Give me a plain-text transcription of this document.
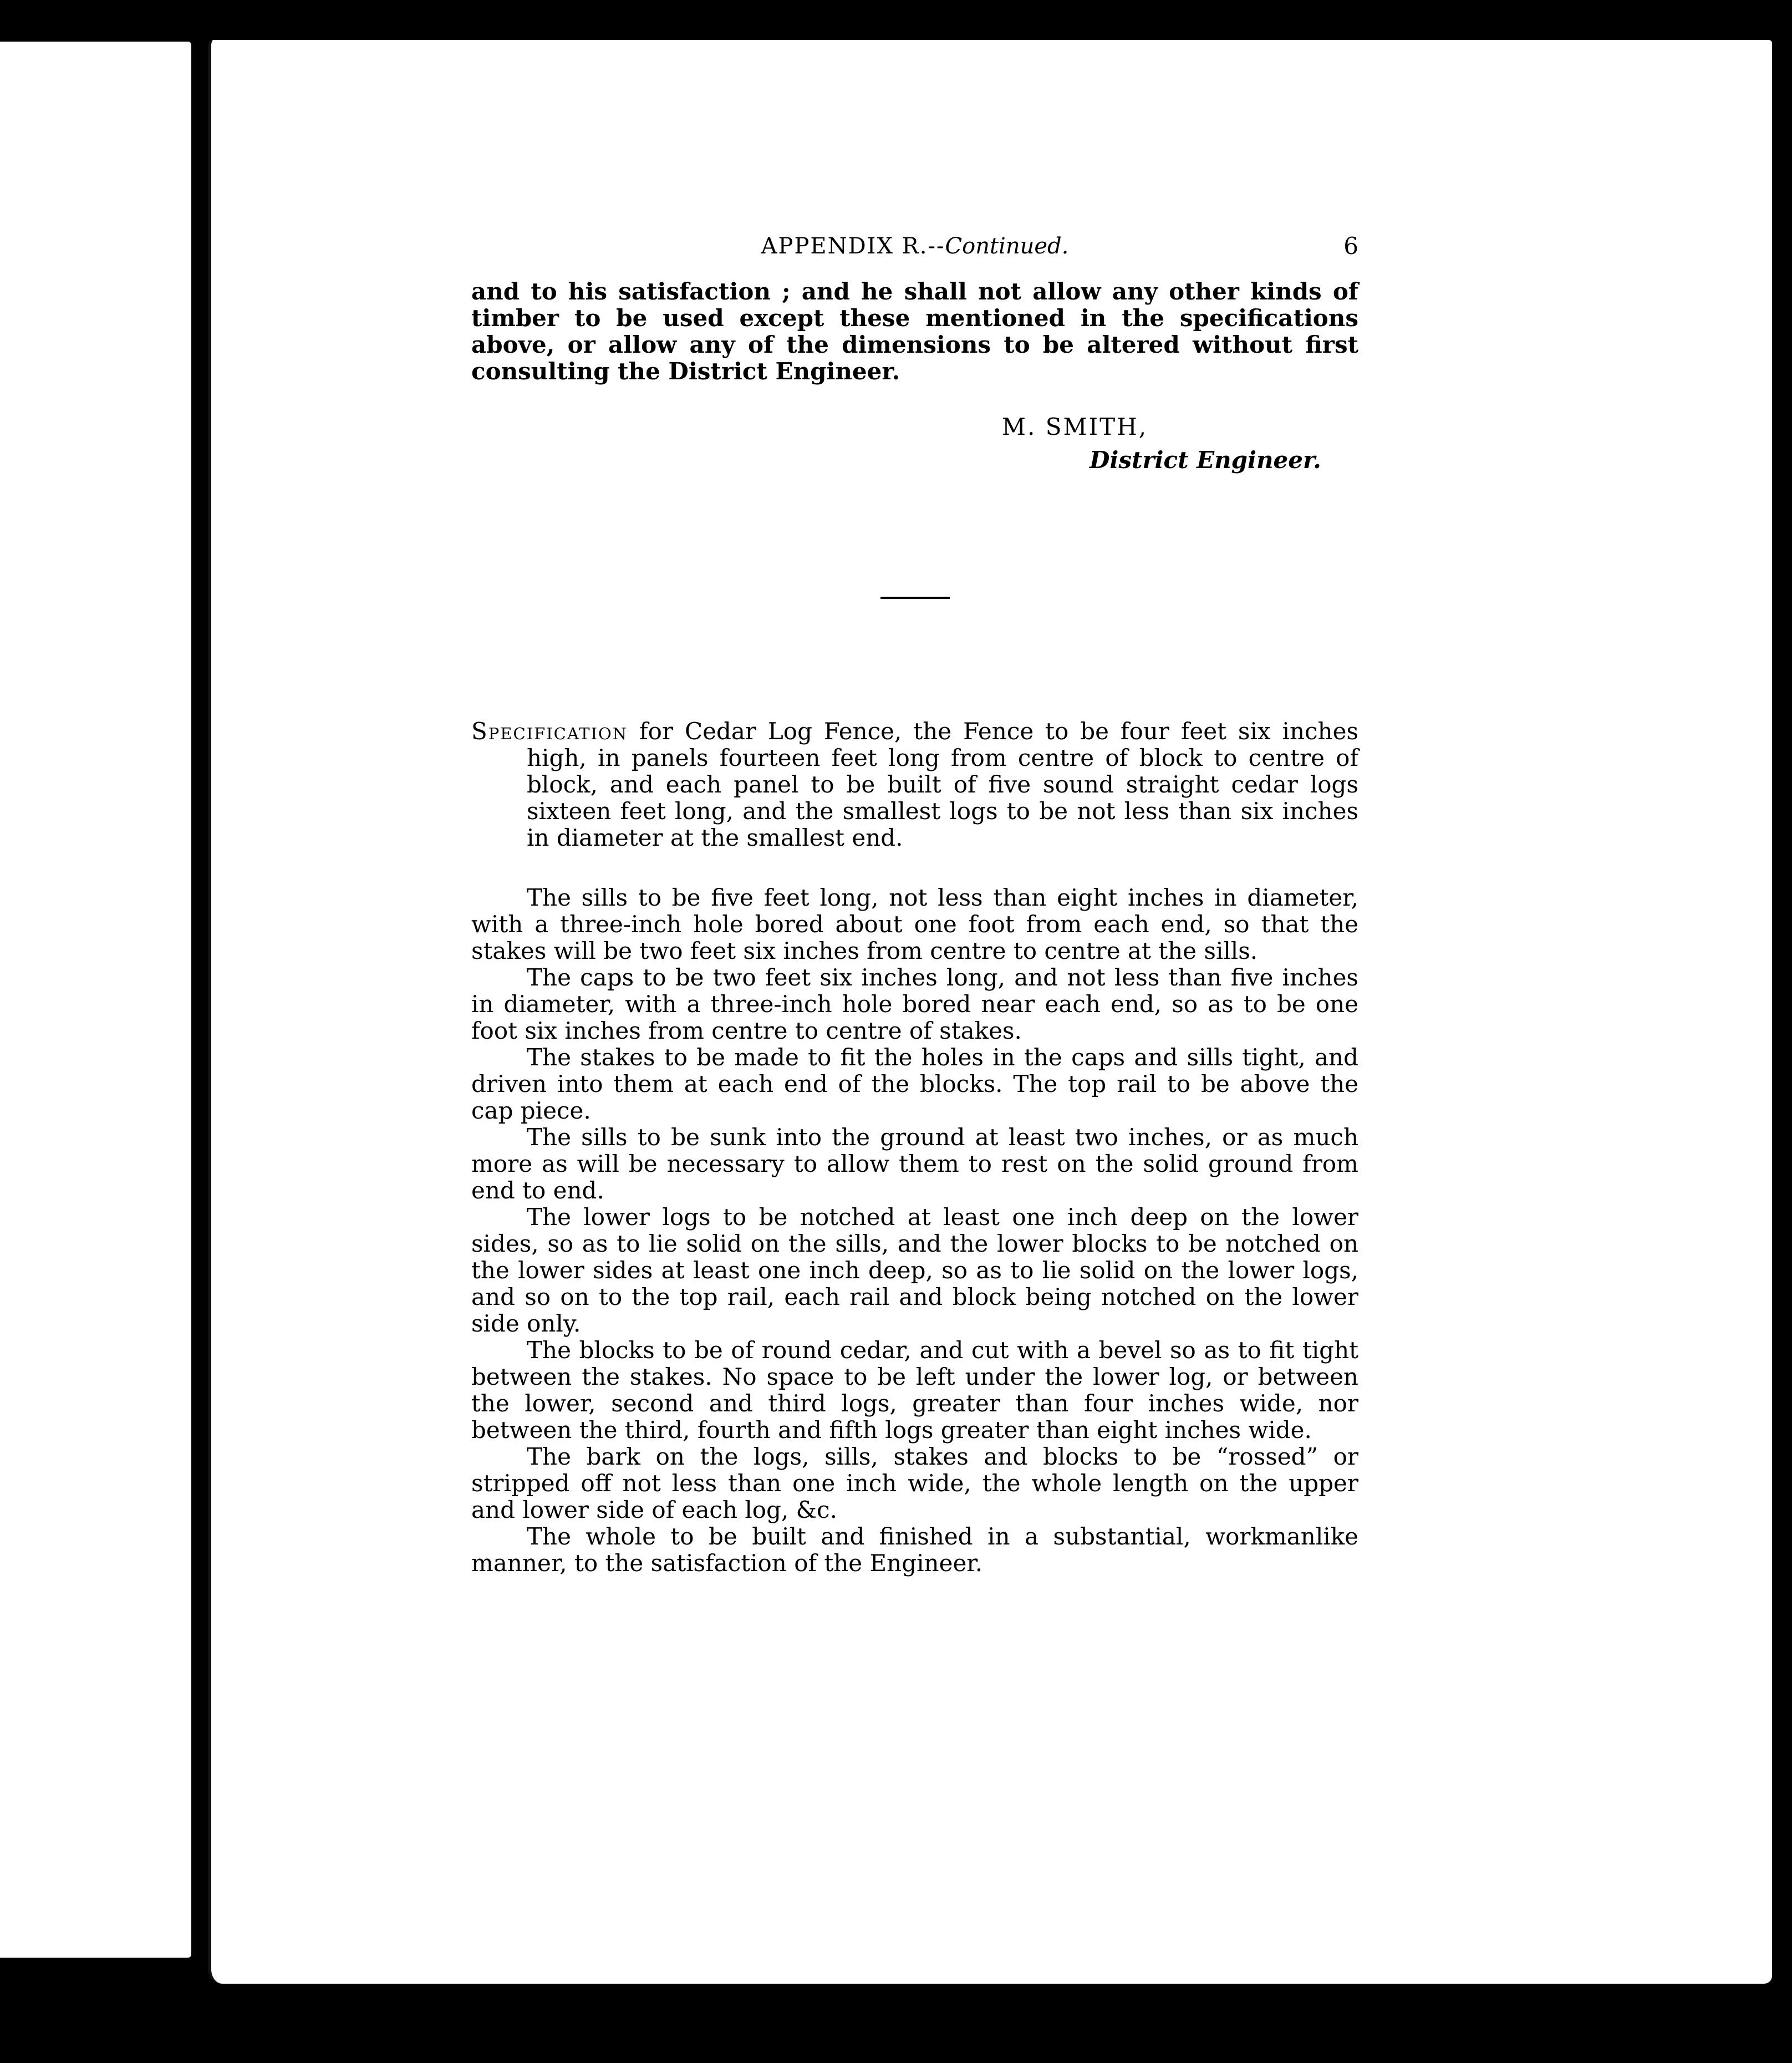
APPENDIX R.--Continued.	6

and to his satisfaction ; and he shall not allow any other kinds of timber to be used except these mentioned in the specifications above, or allow any of the dimensions to be altered without first consulting the District Engineer.

M. SMITH,
District Engineer.

Specification for Cedar Log Fence, the Fence to be four feet six inches high, in panels fourteen feet long from centre of block to centre of block, and each panel to be built of five sound straight cedar logs sixteen feet long, and the smallest logs to be not less than six inches in diameter at the smallest end.

The sills to be five feet long, not less than eight inches in diameter, with a three-inch hole bored about one foot from each end, so that the stakes will be two feet six inches from centre to centre at the sills.

The caps to be two feet six inches long, and not less than five inches in diameter, with a three-inch hole bored near each end, so as to be one foot six inches from centre to centre of stakes.

The stakes to be made to fit the holes in the caps and sills tight, and driven into them at each end of the blocks. The top rail to be above the cap piece.

The sills to be sunk into the ground at least two inches, or as much more as will be necessary to allow them to rest on the solid ground from end to end.

The lower logs to be notched at least one inch deep on the lower sides, so as to lie solid on the sills, and the lower blocks to be notched on the lower sides at least one inch deep, so as to lie solid on the lower logs, and so on to the top rail, each rail and block being notched on the lower side only.

The blocks to be of round cedar, and cut with a bevel so as to fit tight between the stakes. No space to be left under the lower log, or between the lower, second and third logs, greater than four inches wide, nor between the third, fourth and fifth logs greater than eight inches wide.

The bark on the logs, sills, stakes and blocks to be “rossed” or stripped off not less than one inch wide, the whole length on the upper and lower side of each log, &c.

The whole to be built and finished in a substantial, workmanlike manner, to the satisfaction of the Engineer.
